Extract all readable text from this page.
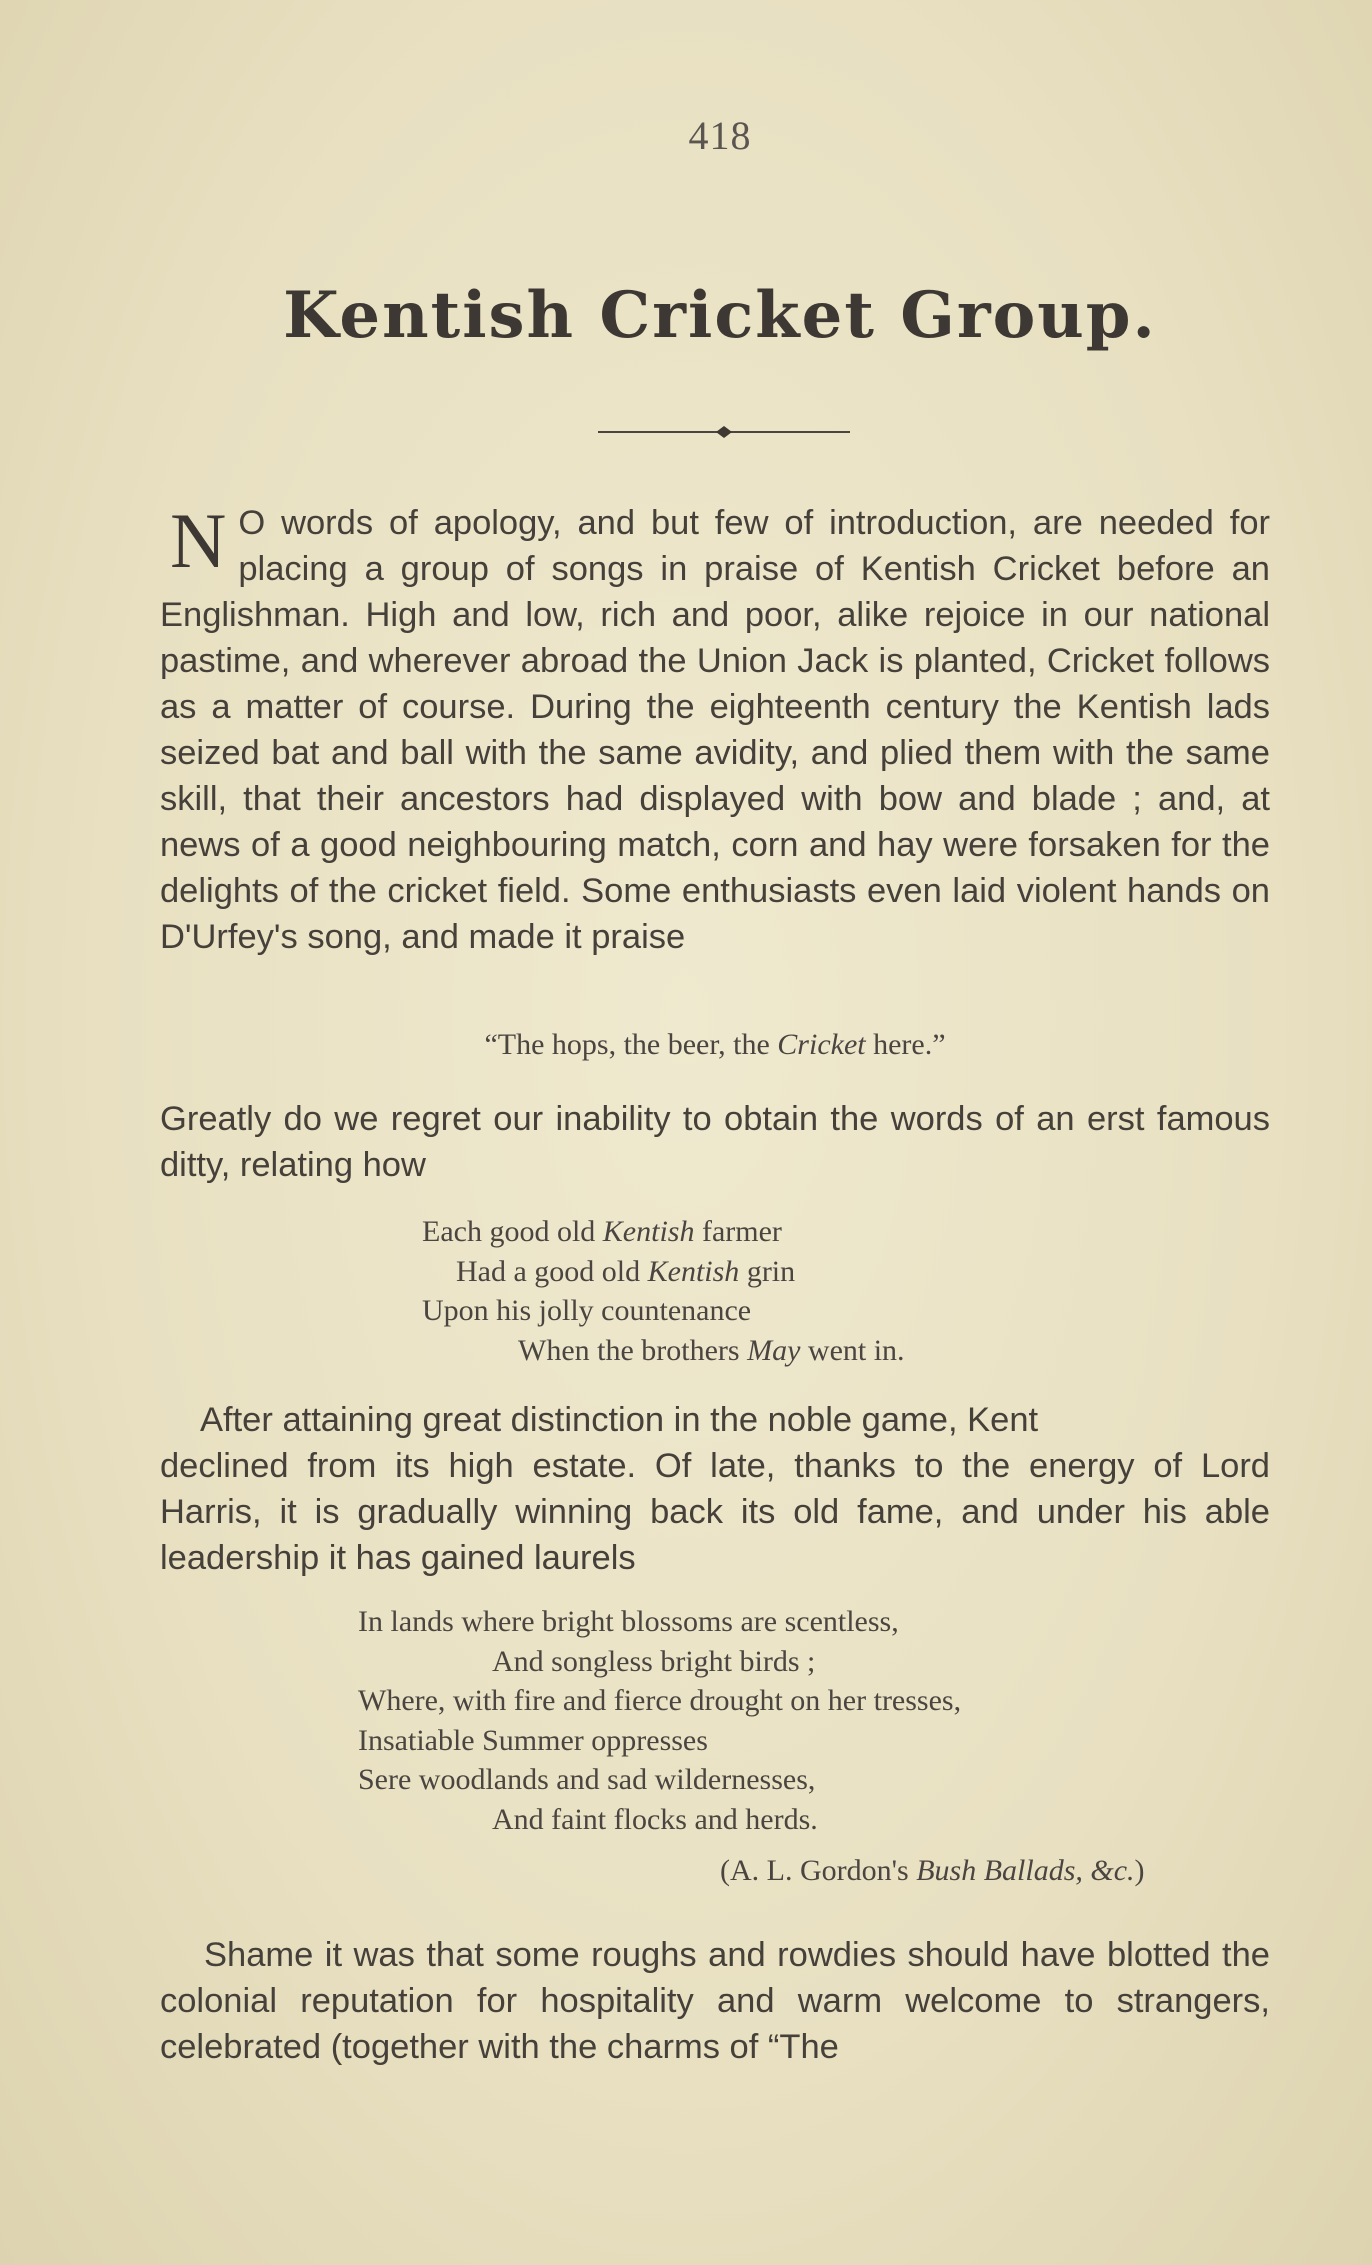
418
Kentish Cricket Group.

N O words of apology, and but few of introduction, are needed for placing a group of songs in praise of Kentish Cricket before an Englishman. High and low, rich and poor, alike rejoice in our national pastime, and wherever abroad the Union Jack is planted, Cricket follows as a matter of course. During the eighteenth century the Kentish lads seized bat and ball with the same avidity, and plied them with the same skill, that their ancestors had displayed with bow and blade ; and, at news of a good neighbouring match, corn and hay were forsaken for the delights of the cricket field. Some enthusiasts even laid violent hands on D'Urfey's song, and made it praise

“The hops, the beer, the Cricket here.”

Greatly do we regret our inability to obtain the words of an erst famous ditty, relating how

Each good old Kentish farmer
Had a good old Kentish grin
Upon his jolly countenance
When the brothers May went in.

After attaining great distinction in the noble game, Kent

declined from its high estate. Of late, thanks to the energy of Lord Harris, it is gradually winning back its old fame, and under his able leadership it has gained laurels

In lands where bright blossoms are scentless,
And songless bright birds ;
Where, with fire and fierce drought on her tresses,
Insatiable Summer oppresses
Sere woodlands and sad wildernesses,
And faint flocks and herds.
(A. L. Gordon's Bush Ballads, &c.)

Shame it was that some roughs and rowdies should have blotted the colonial reputation for hospitality and warm welcome to strangers, celebrated (together with the charms of “The
